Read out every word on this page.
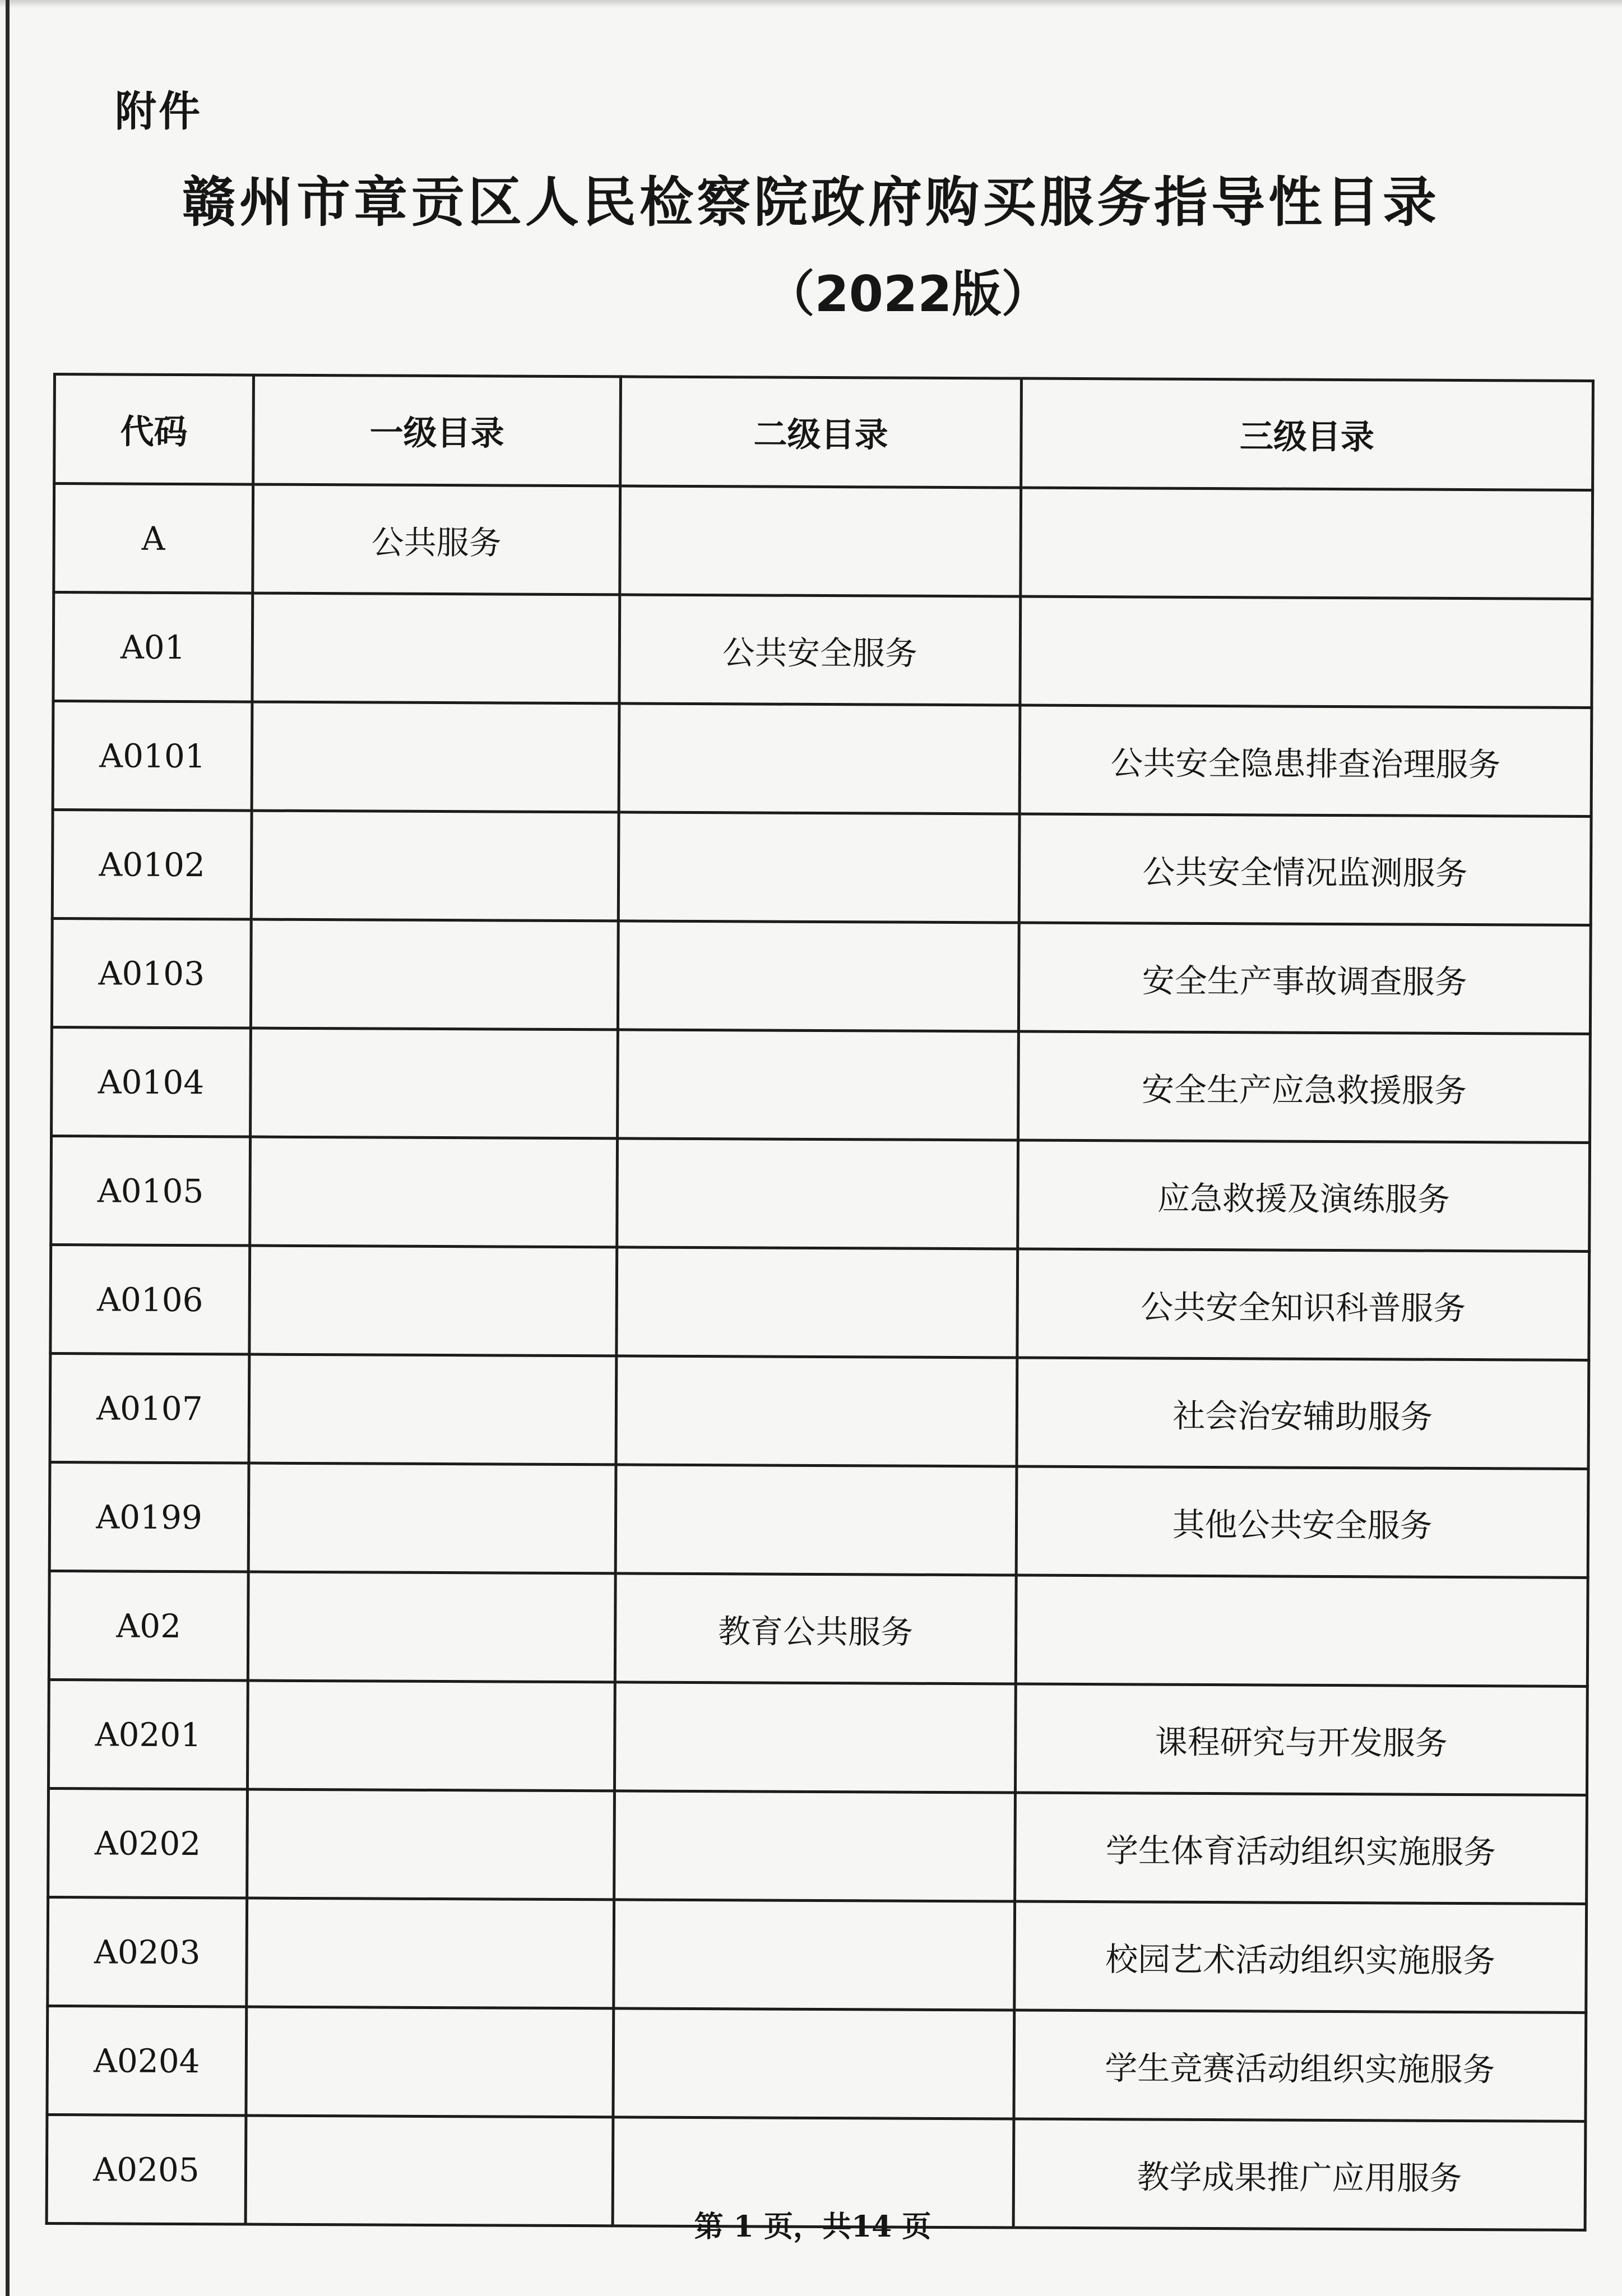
附件
赣州市章贡区人民检察院政府购买服务指导性目录
（2022版）
代码	一级目录	二级目录	三级目录
A	公共服务		
A01		公共安全服务	
A0101			公共安全隐患排查治理服务
A0102			公共安全情况监测服务
A0103			安全生产事故调查服务
A0104			安全生产应急救援服务
A0105			应急救援及演练服务
A0106			公共安全知识科普服务
A0107			社会治安辅助服务
A0199			其他公共安全服务
A02		教育公共服务	
A0201			课程研究与开发服务
A0202			学生体育活动组织实施服务
A0203			校园艺术活动组织实施服务
A0204			学生竞赛活动组织实施服务
A0205			教学成果推广应用服务
第 1 页，共14 页
